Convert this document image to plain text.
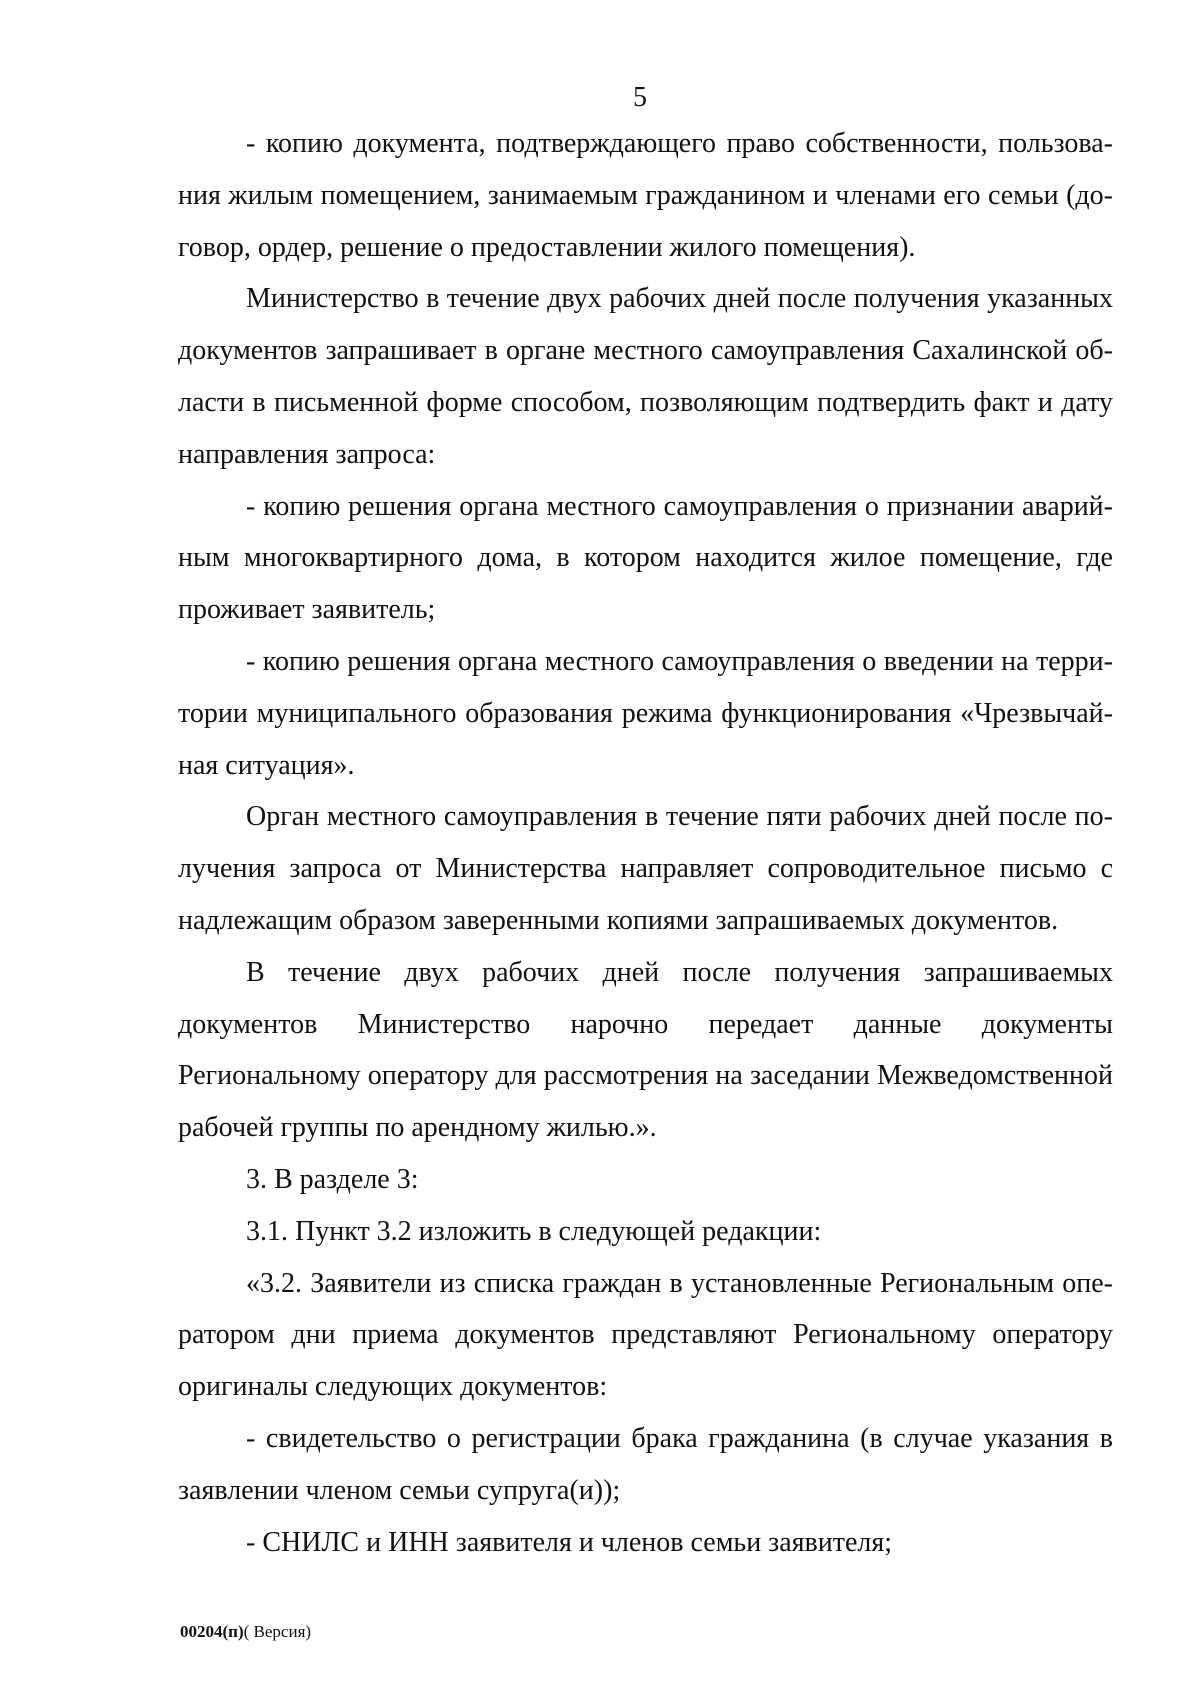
5

- копию документа, подтверждающего право собственности, пользования жилым помещением, занимаемым гражданином и членами его семьи (договор, ордер, решение о предоставлении жилого помещения).

Министерство в течение двух рабочих дней после получения указанных документов запрашивает в органе местного самоуправления Сахалинской области в письменной форме способом, позволяющим подтвердить факт и дату направления запроса:

- копию решения органа местного самоуправления о признании аварийным многоквартирного дома, в котором находится жилое помещение, где проживает заявитель;

- копию решения органа местного самоуправления о введении на территории муниципального образования режима функционирования «Чрезвычайная ситуация».

Орган местного самоуправления в течение пяти рабочих дней после получения запроса от Министерства направляет сопроводительное письмо с надлежащим образом заверенными копиями запрашиваемых документов.

В течение двух рабочих дней после получения запрашиваемых документов Министерство нарочно передает данные документы Региональному оператору для рассмотрения на заседании Межведомственной рабочей группы по арендному жилью.».

3. В разделе 3:

3.1. Пункт 3.2 изложить в следующей редакции:

«3.2. Заявители из списка граждан в установленные Региональным оператором дни приема документов представляют Региональному оператору оригиналы следующих документов:

- свидетельство о регистрации брака гражданина (в случае указания в заявлении членом семьи супруга(и));

- СНИЛС и ИНН заявителя и членов семьи заявителя;

00204(п)( Версия)
